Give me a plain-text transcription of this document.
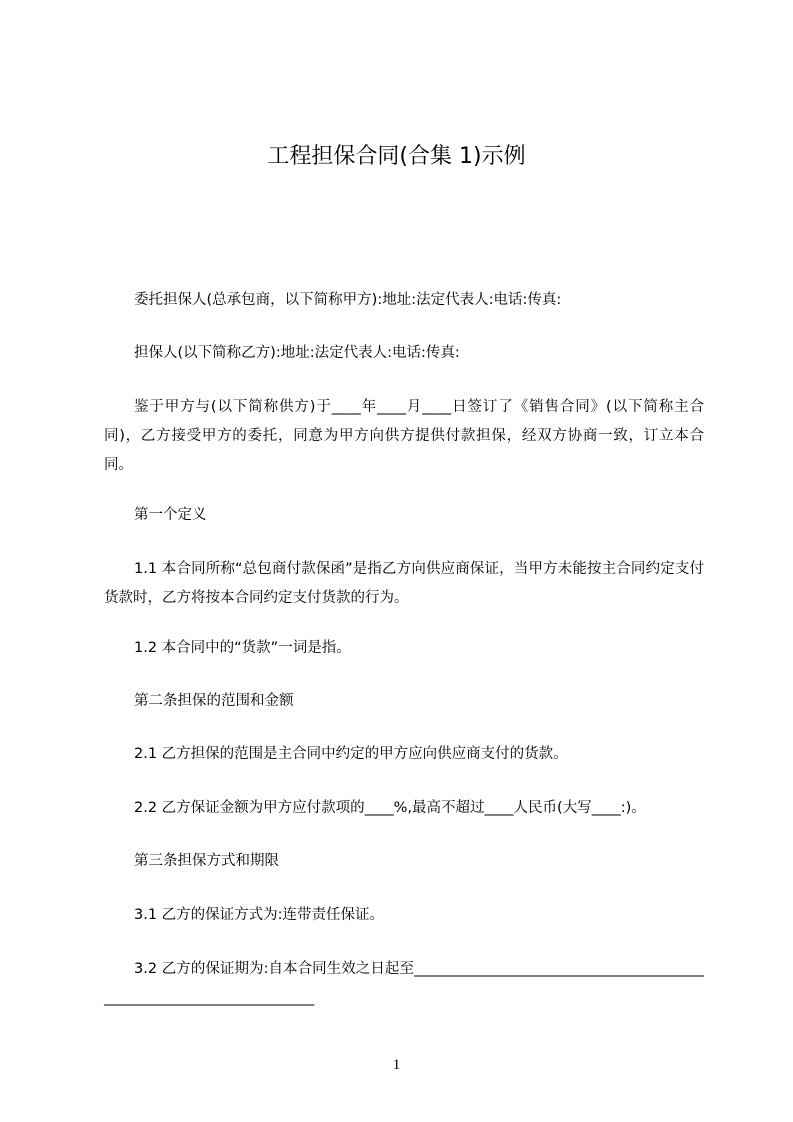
工程担保合同(合集 1)示例
委托担保人(总承包商，以下简称甲方):地址:法定代表人:电话:传真:
担保人(以下简称乙方):地址:法定代表人:电话:传真:
鉴于甲方与(以下简称供方)于____年____月____日签订了《销售合同》(以下简称主合同)，乙方接受甲方的委托，同意为甲方向供方提供付款担保，经双方协商一致，订立本合同。
第一个定义
1.1 本合同所称“总包商付款保函”是指乙方向供应商保证，当甲方未能按主合同约定支付货款时，乙方将按本合同约定支付货款的行为。
1.2 本合同中的“货款”一词是指。
第二条担保的范围和金额
2.1 乙方担保的范围是主合同中约定的甲方应向供应商支付的货款。
2.2 乙方保证金额为甲方应付款项的____%,最高不超过____人民币(大写____:)。
第三条担保方式和期限
3.1 乙方的保证方式为:连带责任保证。
3.2 乙方的保证期为:自本合同生效之日起至_____________________________________________________________________
1
